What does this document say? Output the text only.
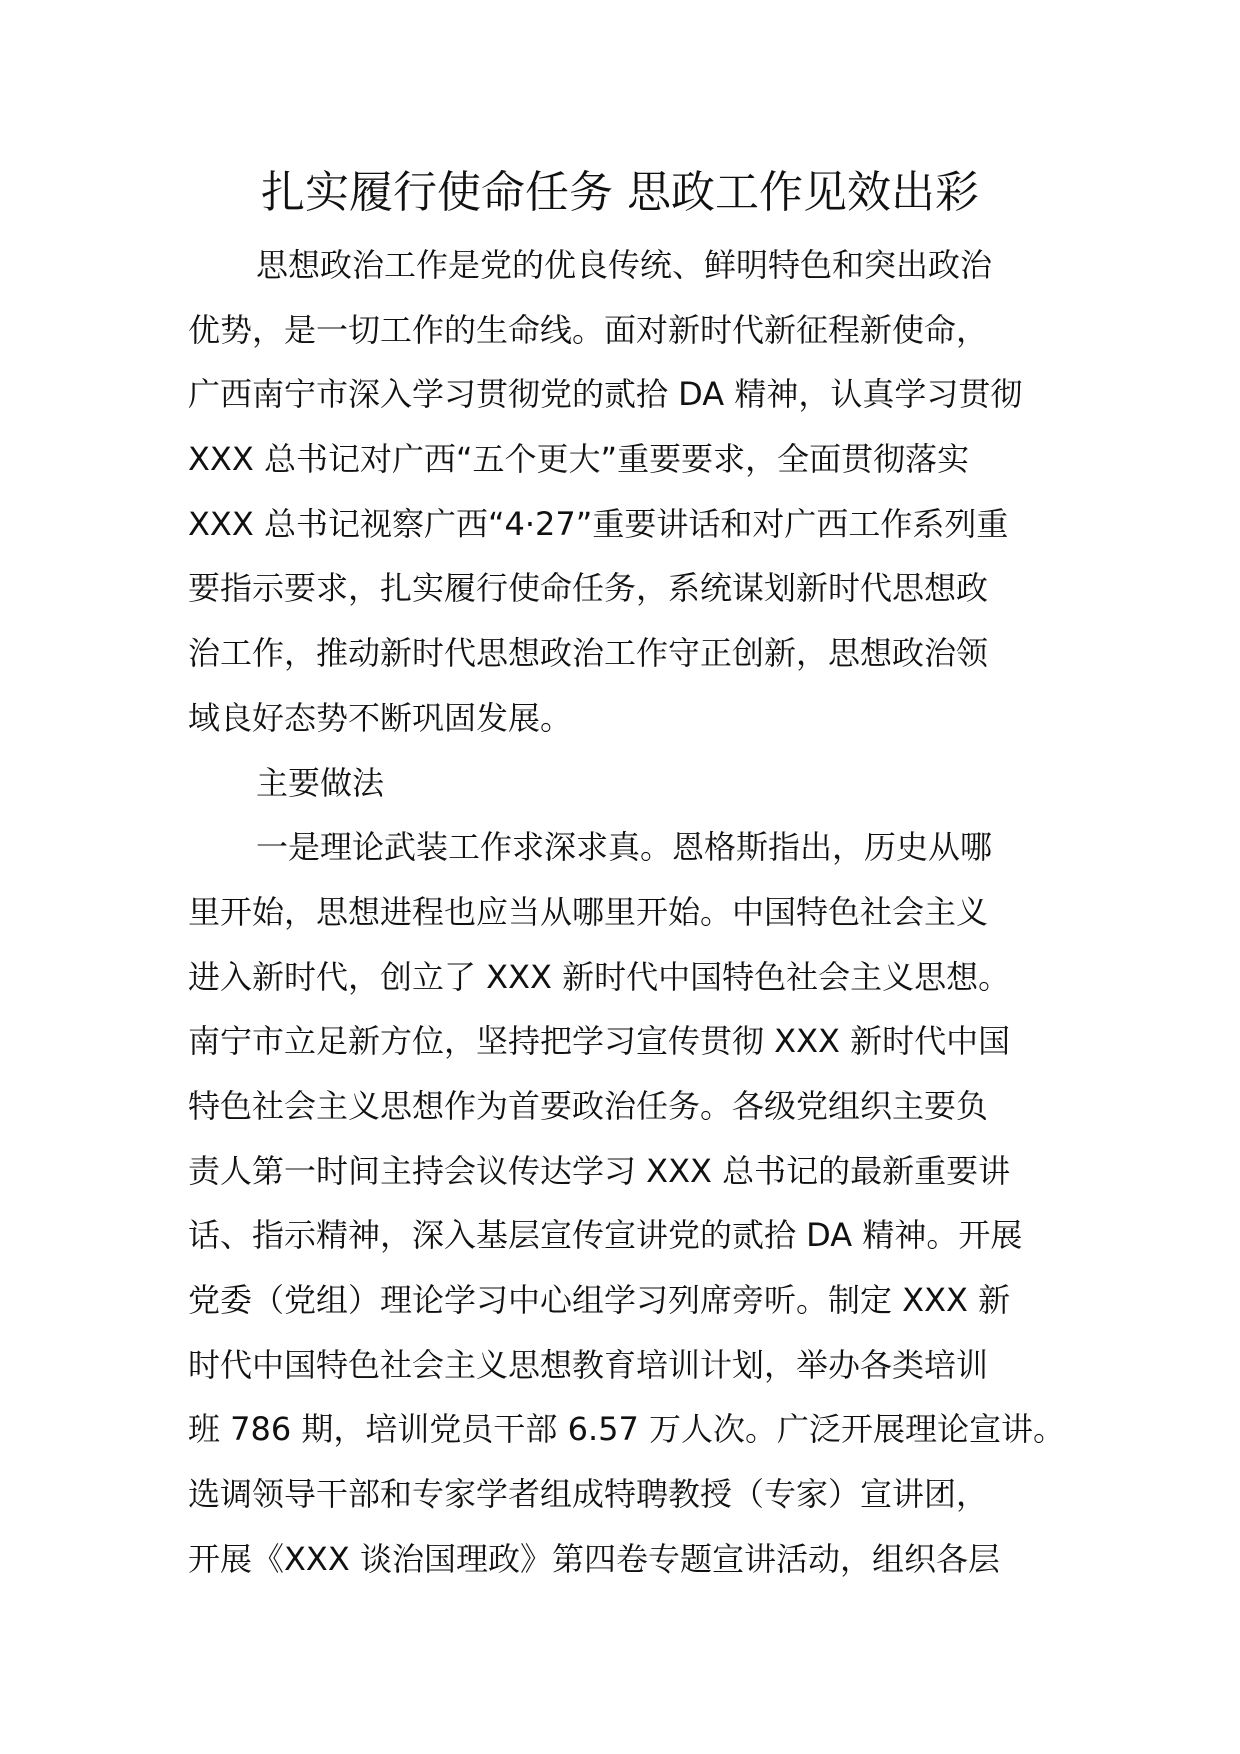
扎实履行使命任务 思政工作见效出彩
思想政治工作是党的优良传统、鲜明特色和突出政治
优势，是一切工作的生命线。面对新时代新征程新使命，
广西南宁市深入学习贯彻党的贰拾 DA 精神，认真学习贯彻
XXX 总书记对广西“五个更大”重要要求，全面贯彻落实
XXX 总书记视察广西“4·27”重要讲话和对广西工作系列重
要指示要求，扎实履行使命任务，系统谋划新时代思想政
治工作，推动新时代思想政治工作守正创新，思想政治领
域良好态势不断巩固发展。
主要做法
一是理论武装工作求深求真。恩格斯指出，历史从哪
里开始，思想进程也应当从哪里开始。中国特色社会主义
进入新时代，创立了 XXX 新时代中国特色社会主义思想。
南宁市立足新方位，坚持把学习宣传贯彻 XXX 新时代中国
特色社会主义思想作为首要政治任务。各级党组织主要负
责人第一时间主持会议传达学习 XXX 总书记的最新重要讲
话、指示精神，深入基层宣传宣讲党的贰拾 DA 精神。开展
党委（党组）理论学习中心组学习列席旁听。制定 XXX 新
时代中国特色社会主义思想教育培训计划，举办各类培训
班 786 期，培训党员干部 6.57 万人次。广泛开展理论宣讲。
选调领导干部和专家学者组成特聘教授（专家）宣讲团，
开展《XXX 谈治国理政》第四卷专题宣讲活动，组织各层
